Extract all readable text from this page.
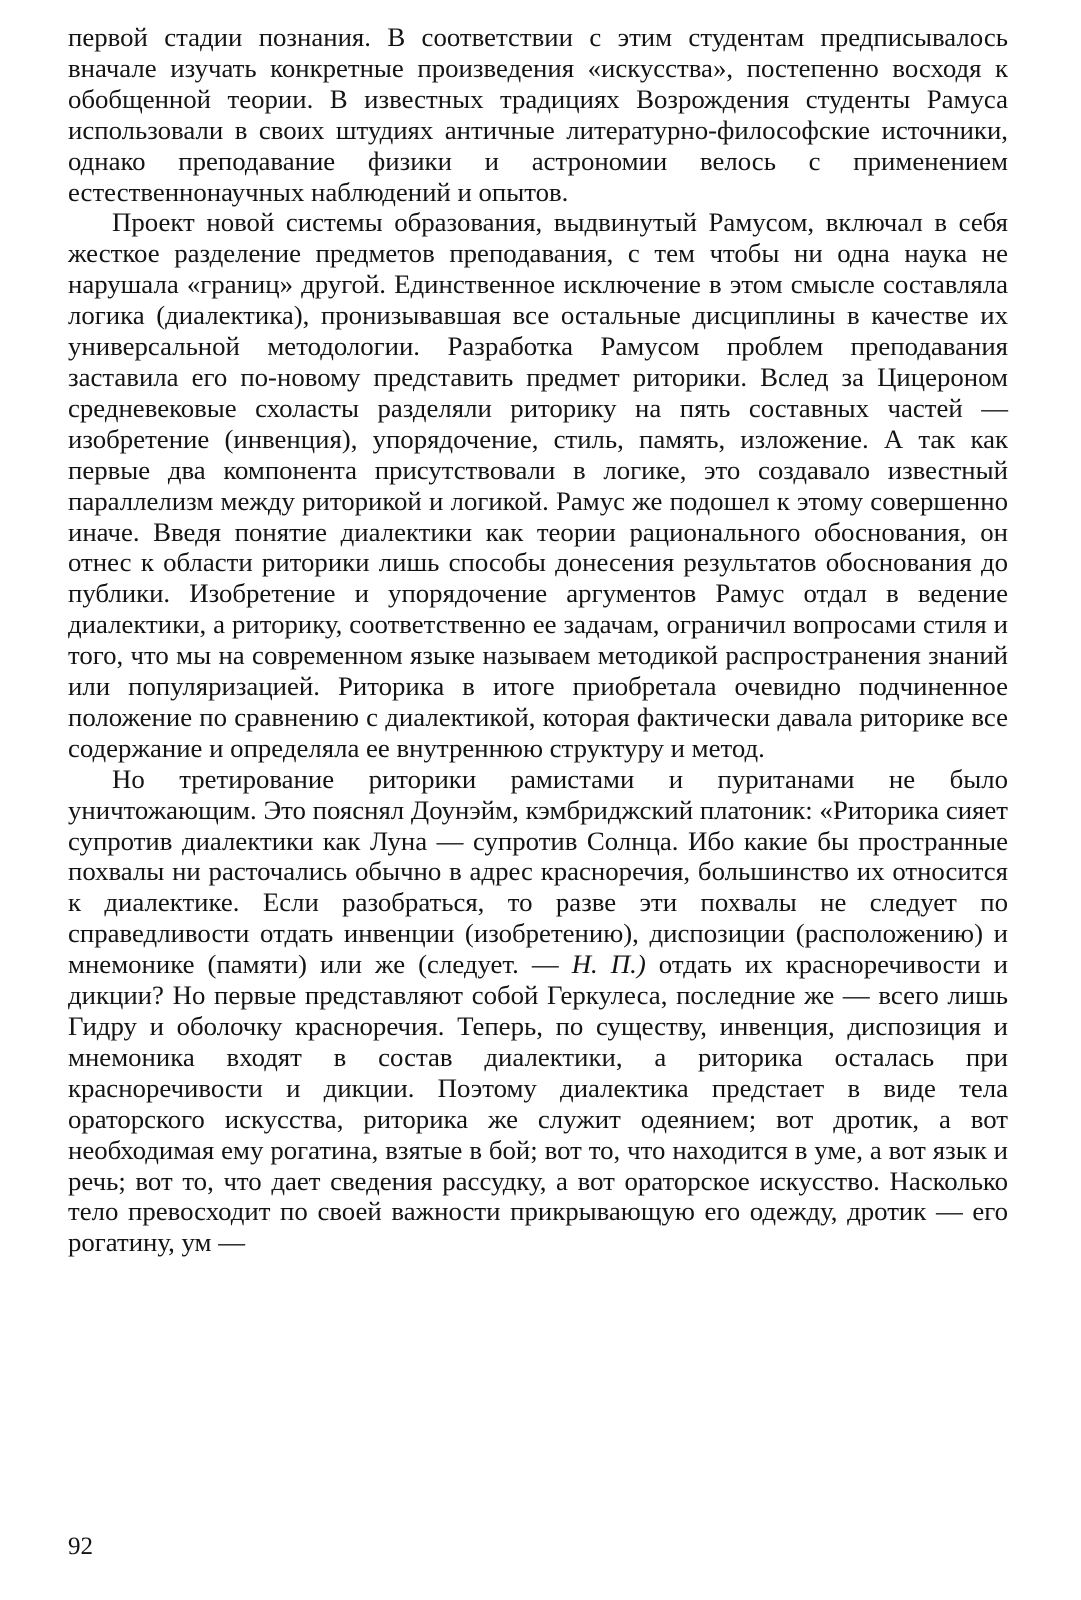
первой стадии познания. В соответствии с этим студентам предписывалось вначале изучать конкретные произведения «искусства», постепенно восходя к обобщенной теории. В известных традициях Возрождения студенты Рамуса использовали в своих штудиях античные литературно-философские источники, однако преподавание физики и астрономии велось с применением естественнонаучных наблюдений и опытов.

Проект новой системы образования, выдвинутый Рамусом, включал в себя жесткое разделение предметов преподавания, с тем чтобы ни одна наука не нарушала «границ» другой. Единственное исключение в этом смысле составляла логика (диалектика), пронизывавшая все остальные дисциплины в качестве их универсальной методологии. Разработка Рамусом проблем преподавания заставила его по-новому представить предмет риторики. Вслед за Цицероном средневековые схоласты разделяли риторику на пять составных частей — изобретение (инвенция), упорядочение, стиль, память, изложение. А так как первые два компонента присутствовали в логике, это создавало известный параллелизм между риторикой и логикой. Рамус же подошел к этому совершенно иначе. Введя понятие диалектики как теории рационального обоснования, он отнес к области риторики лишь способы донесения результатов обоснования до публики. Изобретение и упорядочение аргументов Рамус отдал в ведение диалектики, а риторику, соответственно ее задачам, ограничил вопросами стиля и того, что мы на современном языке называем методикой распространения знаний или популяризацией. Риторика в итоге приобретала очевидно подчиненное положение по сравнению с диалектикой, которая фактически давала риторике все содержание и определяла ее внутреннюю структуру и метод.

Но третирование риторики рамистами и пуританами не было уничтожающим. Это пояснял Доунэйм, кэмбриджский платоник: «Риторика сияет супротив диалектики как Луна — супротив Солнца. Ибо какие бы пространные похвалы ни расточались обычно в адрес красноречия, большинство их относится к диалектике. Если разобраться, то разве эти похвалы не следует по справедливости отдать инвенции (изобретению), диспозиции (расположению) и мнемонике (памяти) или же (следует. — Н. П.) отдать их красноречивости и дикции? Но первые представляют собой Геркулеса, последние же — всего лишь Гидру и оболочку красноречия. Теперь, по существу, инвенция, диспозиция и мнемоника входят в состав диалектики, а риторика осталась при красноречивости и дикции. Поэтому диалектика предстает в виде тела ораторского искусства, риторика же служит одеянием; вот дротик, а вот необходимая ему рогатина, взятые в бой; вот то, что находится в уме, а вот язык и речь; вот то, что дает сведения рассудку, а вот ораторское искусство. Насколько тело превосходит по своей важности прикрывающую его одежду, дротик — его рогатину, ум —

92
